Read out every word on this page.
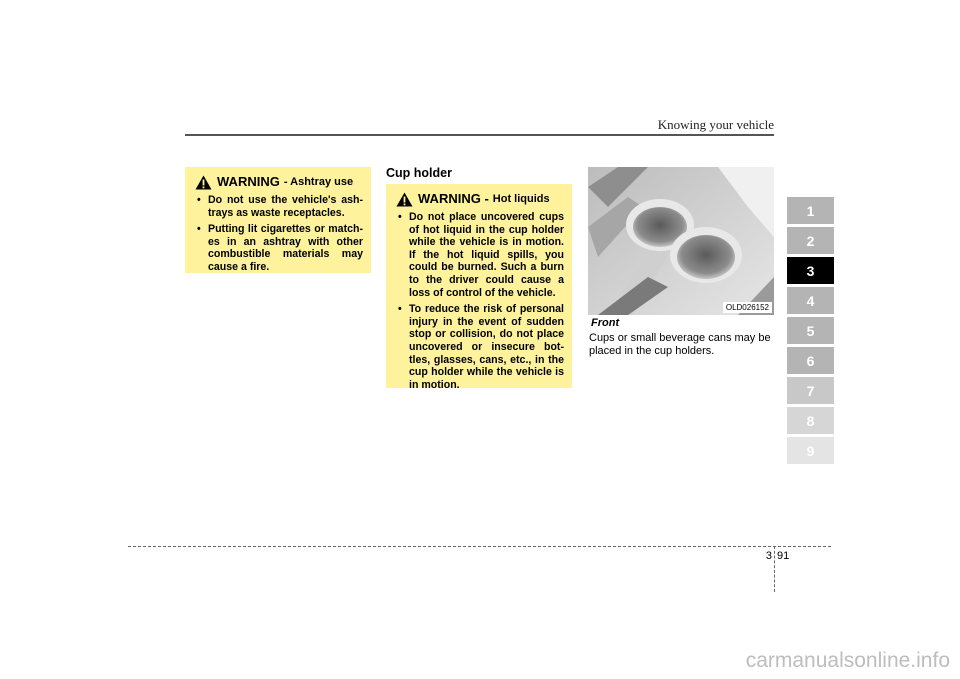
Knowing your vehicle
WARNING - Ashtray use
• Do not use the vehicle's ash-trays as waste receptacles.
• Putting lit cigarettes or match-es in an ashtray with other combustible materials may cause a fire.
Cup holder
WARNING - Hot liquids
• Do not place uncovered cups of hot liquid in the cup holder while the vehicle is in motion. If the hot liquid spills, you could be burned. Such a burn to the driver could cause a loss of control of the vehicle.
• To reduce the risk of personal injury in the event of sudden stop or collision, do not place uncovered or insecure bot-tles, glasses, cans, etc., in the cup holder while the vehicle is in motion.
OLD026152
Front
Cups or small beverage cans may be placed in the cup holders.
1
2
3
4
5
6
7
8
9
3 91
carmanualsonline.info
